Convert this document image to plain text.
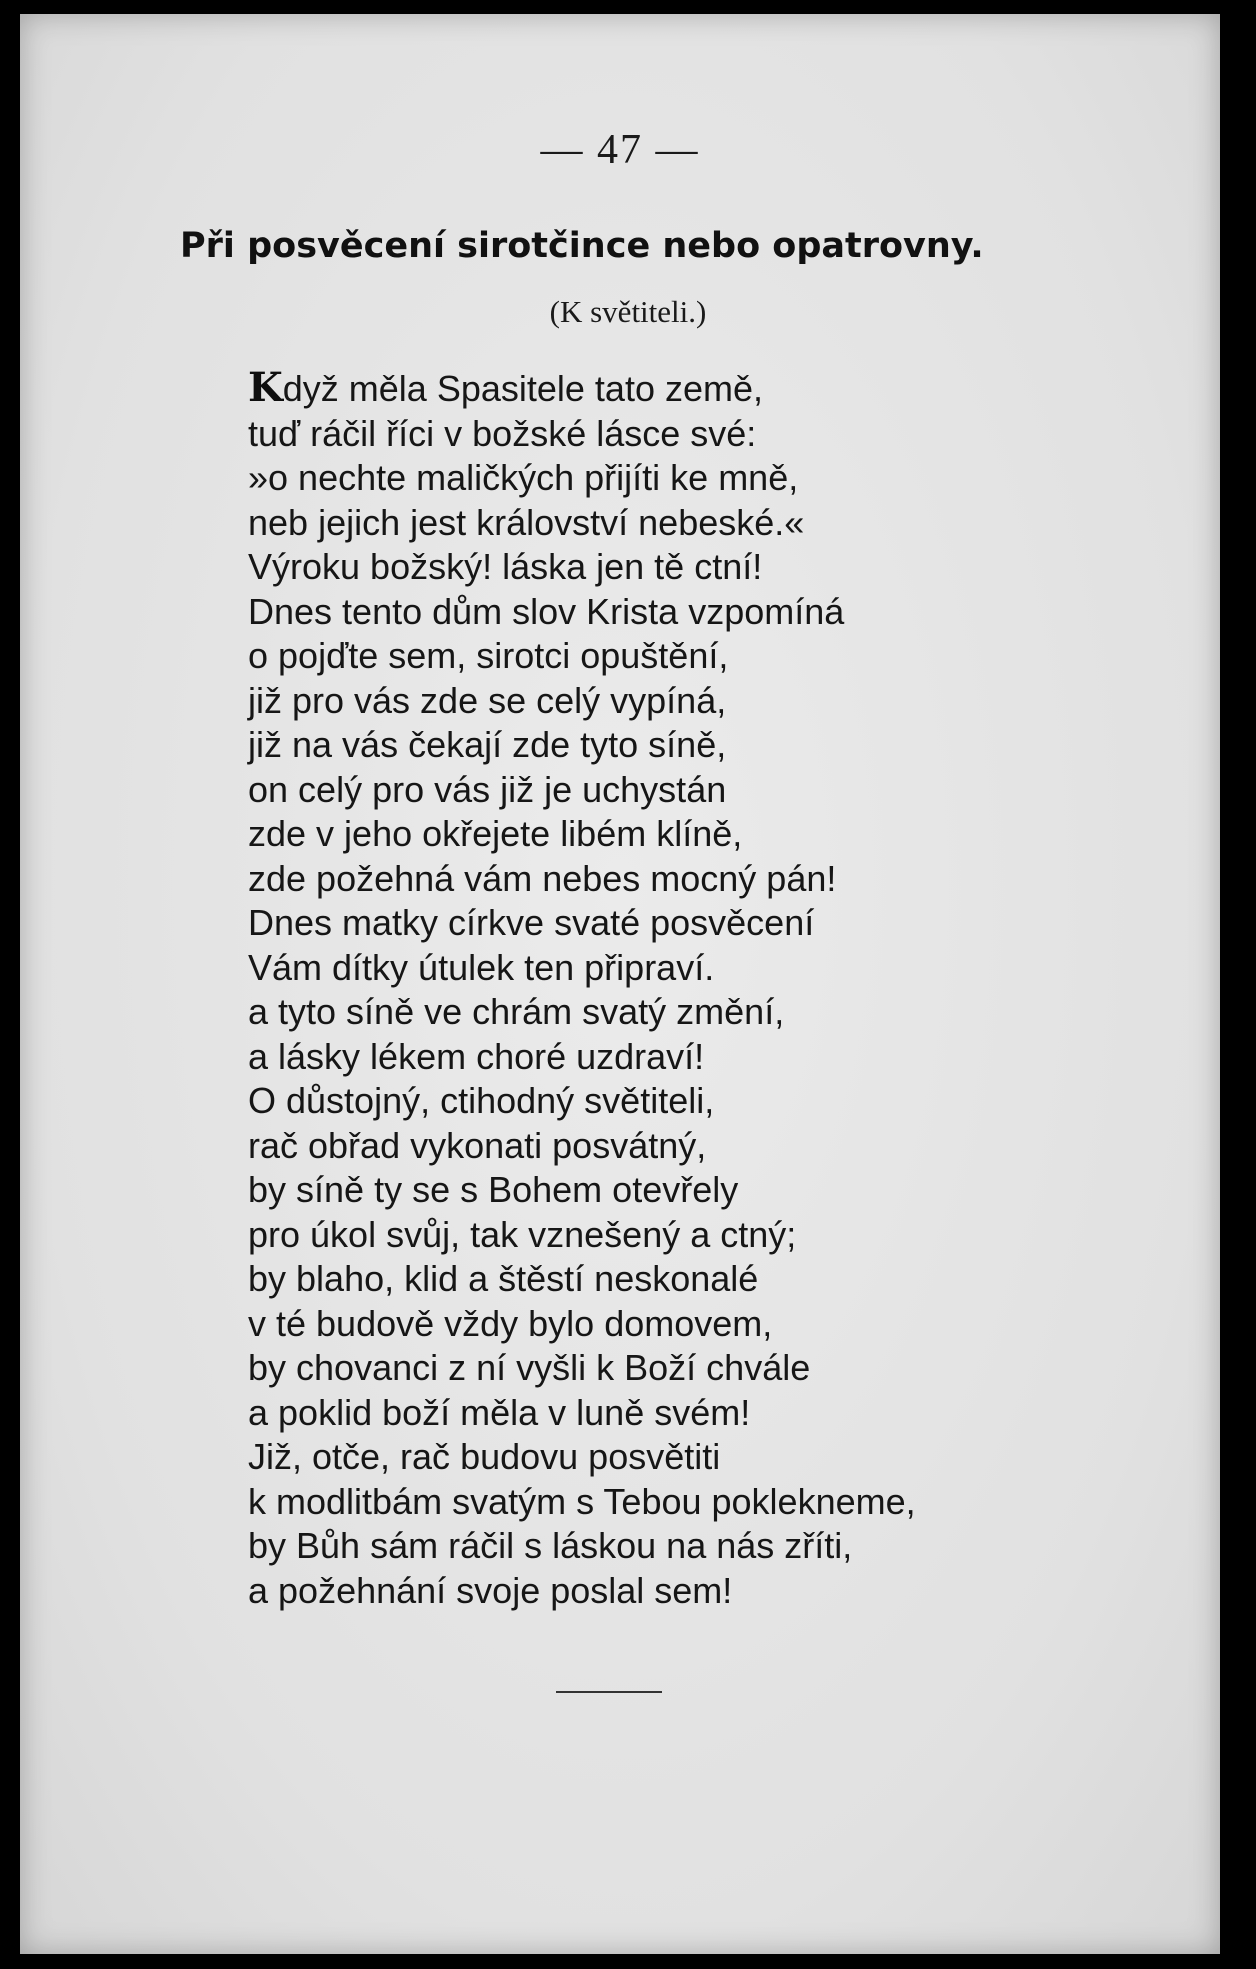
— 47 —
Při posvěcení sirotčince nebo opatrovny.
(K světiteli.)
Když měla Spasitele tato země,
tuď ráčil říci v božské lásce své:
»o nechte maličkých přijíti ke mně,
neb jejich jest království nebeské.«
Výroku božský! láska jen tě ctní!
Dnes tento dům slov Krista vzpomíná
o pojďte sem, sirotci opuštění,
již pro vás zde se celý vypíná,
již na vás čekají zde tyto síně,
on celý pro vás již je uchystán
zde v jeho okřejete libém klíně,
zde požehná vám nebes mocný pán!
Dnes matky církve svaté posvěcení
Vám dítky útulek ten připraví.
a tyto síně ve chrám svatý změní,
a lásky lékem choré uzdraví!
O důstojný, ctihodný světiteli,
rač obřad vykonati posvátný,
by síně ty se s Bohem otevřely
pro úkol svůj, tak vznešený a ctný;
by blaho, klid a štěstí neskonalé
v té budově vždy bylo domovem,
by chovanci z ní vyšli k Boží chvále
a poklid boží měla v luně svém!
Již, otče, rač budovu posvětiti
k modlitbám svatým s Tebou poklekneme,
by Bůh sám ráčil s láskou na nás zříti,
a požehnání svoje poslal sem!
